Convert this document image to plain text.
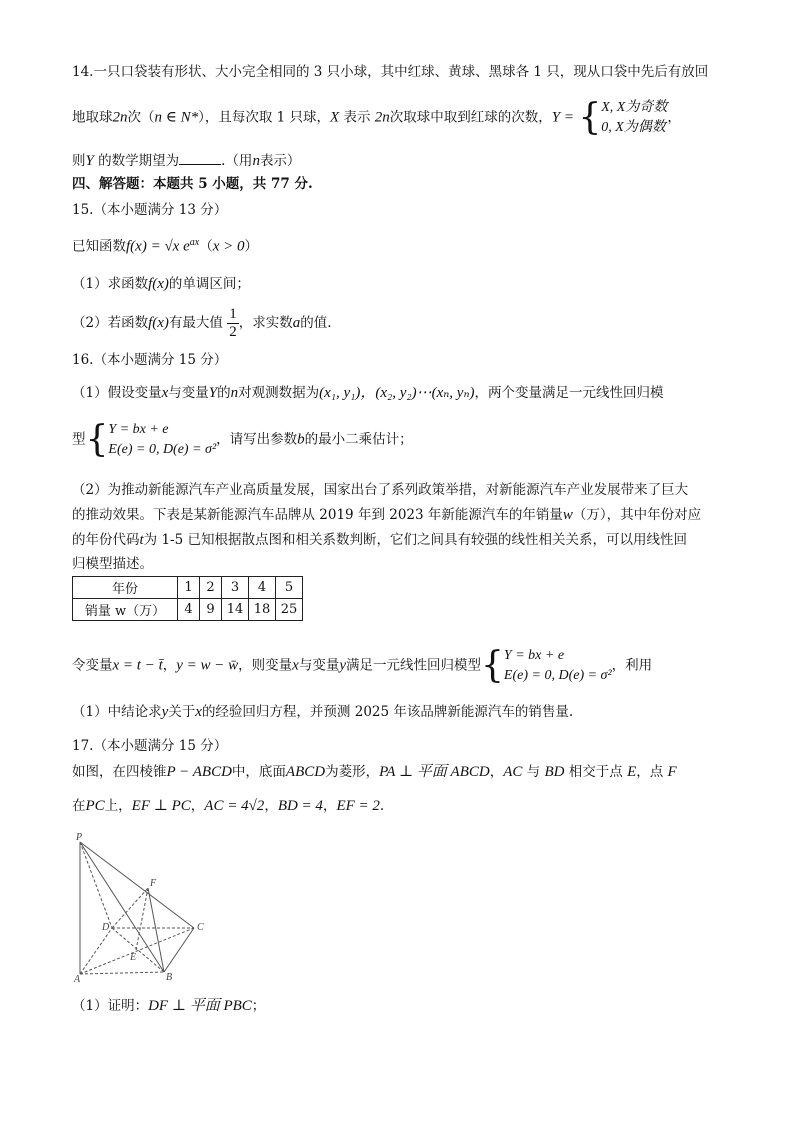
14.一只口袋装有形状、大小完全相同的 3 只小球，其中红球、黄球、黑球各 1 只，现从口袋中先后有放回
地取球2n次（n ∈ N*），且每次取 1 只球，X 表示 2n次取球中取到红球的次数，Y = { X, X为奇数
0, X为偶数
，
则Y 的数学期望为	.（用n表示）
四、解答题：本题共 5 小题，共 77 分.
15.（本小题满分 13 分）
已知函数f(x) = √x $e^{ax}(x > 0)$
（1）求函数f(x)的单调区间；
（2）若函数f(x)有最大值 $\frac{1}{2}$ ，求实数a的值.
16.（本小题满分 15 分）
（1）假设变量x与变量Y的n对观测数据为(x₁, y₁)，(x₂, y₂)⋯(xₙ, yₙ)，两个变量满足一元线性回归模
型{ Y = bx + e
E(e) = 0, D(e) = σ²
，请写出参数b的最小二乘估计；
（2）为推动新能源汽车产业高质量发展，国家出台了系列政策举措，对新能源汽车产业发展带来了巨大
的推动效果。下表是某新能源汽车品牌从 2019 年到 2023 年新能源汽车的年销量w（万），其中年份对应
的年份代码t为 1-5 已知根据散点图和相关系数判断，它们之间具有较强的线性相关关系，可以用线性回
归模型描述。
年份	1	2	3	4	5
销量 w（万）	4	9	14	18	25
令变量x = t − t̄，y = w − w̄，则变量x与变量y满足一元线性回归模型{ Y = bx + e
E(e) = 0, D(e) = σ²
，利用
（1）中结论求y关于x的经验回归方程，并预测 2025 年该品牌新能源汽车的销售量.
17.（本小题满分 15 分）
如图，在四棱锥P − ABCD中，底面ABCD为菱形，PA ⊥ 平面 ABCD，AC 与 BD 相交于点 E，点 F
在PC上，EF ⊥ PC，AC = 4√2，BD = 4，EF = 2.
P
F
D	C
E
A	B
（1）证明：DF ⊥ 平面 PBC；
